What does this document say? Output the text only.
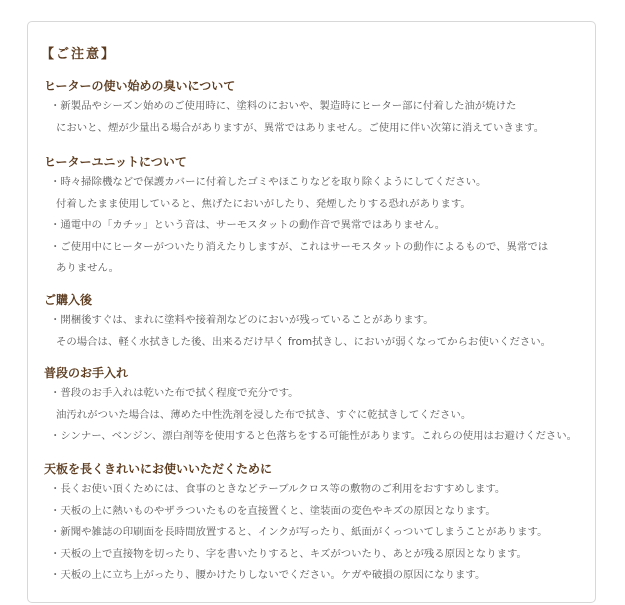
【ご注意】
ヒーターの使い始めの臭いについて
・新製品やシーズン始めのご使用時に、塗料のにおいや、製造時にヒーター部に付着した油が焼けた
においと、煙が少量出る場合がありますが、異常ではありません。ご使用に伴い次第に消えていきます。
ヒーターユニットについて
・時々掃除機などで保護カバーに付着したゴミやほこりなどを取り除くようにしてください。
付着したまま使用していると、焦げたにおいがしたり、発煙したりする恐れがあります。
・通電中の「カチッ」という音は、サーモスタットの動作音で異常ではありません。
・ご使用中にヒーターがついたり消えたりしますが、これはサーモスタットの動作によるもので、異常では
ありません。
ご購入後
・開梱後すぐは、まれに塗料や接着剤などのにおいが残っていることがあります。
その場合は、軽く水拭きした後、出来るだけ早く from拭きし、においが弱くなってからお使いください。
普段のお手入れ
・普段のお手入れは乾いた布で拭く程度で充分です。
油汚れがついた場合は、薄めた中性洗剤を浸した布で拭き、すぐに乾拭きしてください。
・シンナー、ベンジン、漂白剤等を使用すると色落ちをする可能性があります。これらの使用はお避けください。
天板を長くきれいにお使いいただくために
・長くお使い頂くためには、食事のときなどテーブルクロス等の敷物のご利用をおすすめします。
・天板の上に熱いものやザラついたものを直接置くと、塗装面の変色やキズの原因となります。
・新聞や雑誌の印刷面を長時間放置すると、インクが写ったり、紙面がくっついてしまうことがあります。
・天板の上で直接物を切ったり、字を書いたりすると、キズがついたり、あとが残る原因となります。
・天板の上に立ち上がったり、腰かけたりしないでください。ケガや破損の原因になります。
